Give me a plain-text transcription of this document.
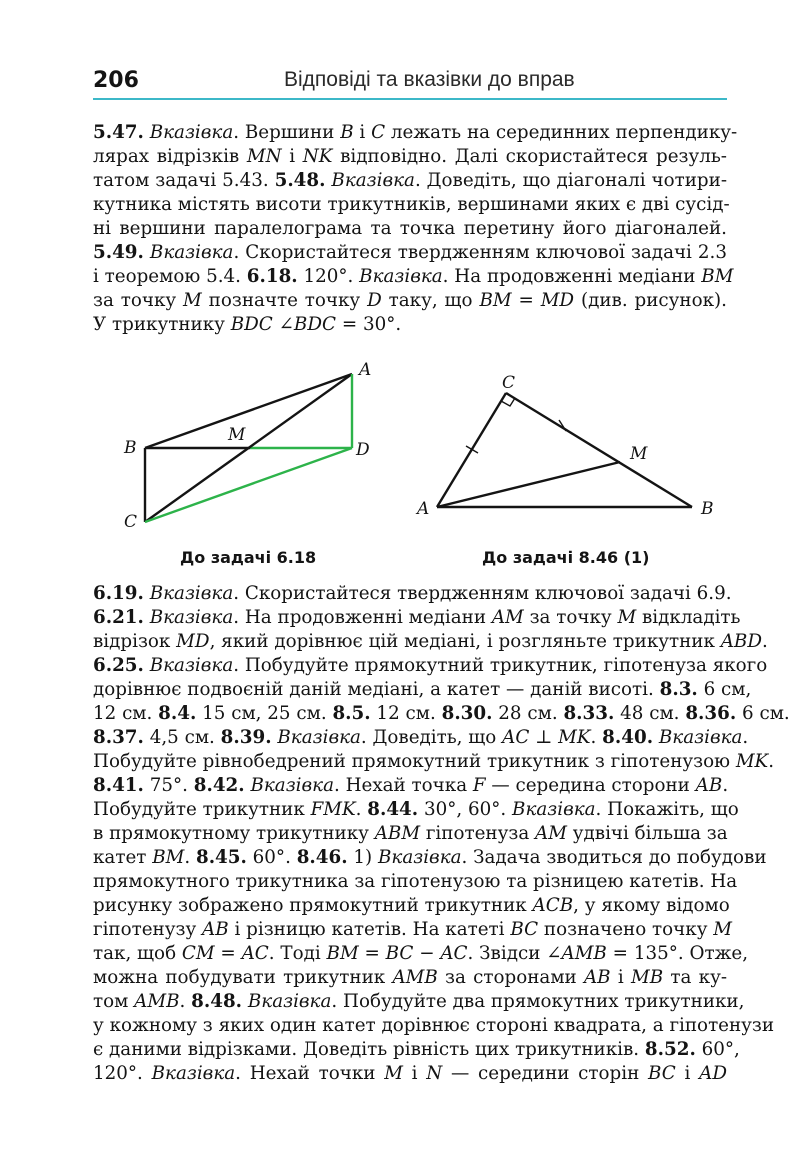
206	Відповіді та вказівки до вправ
5.47. Вказівка. Вершини B і C лежать на серединних перпендику-
лярах відрізків MN і NK відповідно. Далі скористайтеся резуль-
татом задачі 5.43. 5.48. Вказівка. Доведіть, що діагоналі чотири-
кутника містять висоти трикутників, вершинами яких є дві сусід-
ні вершини паралелограма та точка перетину його діагоналей.
5.49. Вказівка. Скористайтеся твердженням ключової задачі 2.3
і теоремою 5.4. 6.18. 120°. Вказівка. На продовженні медіани BM
за точку M позначте точку D таку, що BM = MD (див. рисунок).
У трикутнику BDC ∠BDC = 30°.
A
B
C
D
M
A	B
C
M
До задачі 6.18	До задачі 8.46 (1)
6.19. Вказівка. Скористайтеся твердженням ключової задачі 6.9.
6.21. Вказівка. На продовженні медіани AM за точку M відкладіть
відрізок MD, який дорівнює цій медіані, і розгляньте трикутник ABD.
6.25. Вказівка. Побудуйте прямокутний трикутник, гіпотенуза якого
дорівнює подвоєній даній медіані, а катет — даній висоті. 8.3. 6 см,
12 см. 8.4. 15 см, 25 см. 8.5. 12 см. 8.30. 28 см. 8.33. 48 см. 8.36. 6 см.
8.37. 4,5 см. 8.39. Вказівка. Доведіть, що AC ⊥ MK. 8.40. Вказівка.
Побудуйте рівнобедрений прямокутний трикутник з гіпотенузою MK.
8.41. 75°. 8.42. Вказівка. Нехай точка F — середина сторони AB.
Побудуйте трикутник FMK. 8.44. 30°, 60°. Вказівка. Покажіть, що
в прямокутному трикутнику ABM гіпотенуза AM удвічі більша за
катет BM. 8.45. 60°. 8.46. 1) Вказівка. Задача зводиться до побудови
прямокутного трикутника за гіпотенузою та різницею катетів. На
рисунку зображено прямокутний трикутник ACB, у якому відомо
гіпотенузу AB і різницю катетів. На катеті BC позначено точку M
так, щоб CM = AC. Тоді BM = BC − AC. Звідси ∠AMB = 135°. Отже,
можна побудувати трикутник AMB за сторонами AB і MB та ку-
том AMB. 8.48. Вказівка. Побудуйте два прямокутних трикутники,
у кожному з яких один катет дорівнює стороні квадрата, а гіпотенузи
є даними відрізками. Доведіть рівність цих трикутників. 8.52. 60°,
120°. Вказівка. Нехай точки M і N — середини сторін BC і AD
